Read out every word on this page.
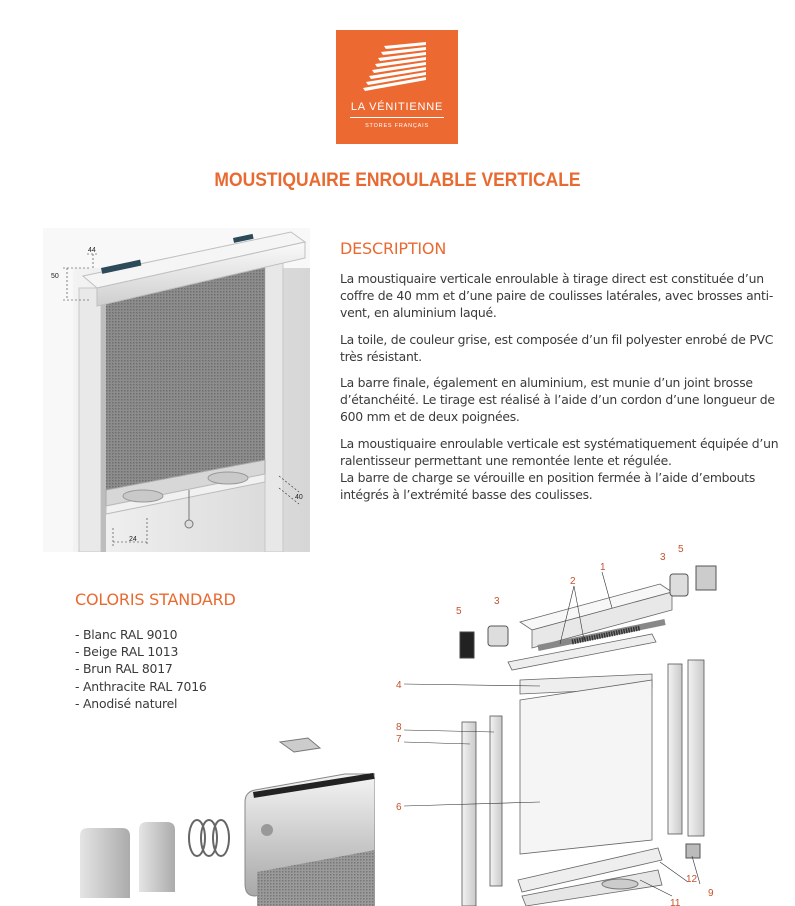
LA VÉNITIENNE
STORES FRANÇAIS
MOUSTIQUAIRE ENROULABLE VERTICALE
50
44
40
24
DESCRIPTION

La moustiquaire verticale enroulable à tirage direct est constituée d’un coffre de 40 mm et d’une paire de coulisses latérales, avec brosses anti-vent, en aluminium laqué.

La toile, de couleur grise, est composée d’un fil polyester enrobé de PVC très résistant.

La barre finale, également en aluminium, est munie d’un joint brosse d’étanchéité. Le tirage est réalisé à l’aide d’un cordon d’une longueur de 600 mm et de deux poignées.

La moustiquaire enroulable verticale est systématiquement équipée d’un ralentisseur permettant une remontée lente et régulée.

La barre de charge se vérouille en position fermée à l’aide d’embouts intégrés à l’extrémité basse des coulisses.

COLORIS STANDARD
- Blanc RAL 9010
- Beige RAL 1013
- Brun RAL 8017
- Anthracite RAL 7016
- Anodisé naturel
1
2
3
5
5
3
4
8
7
6
9
12
11
